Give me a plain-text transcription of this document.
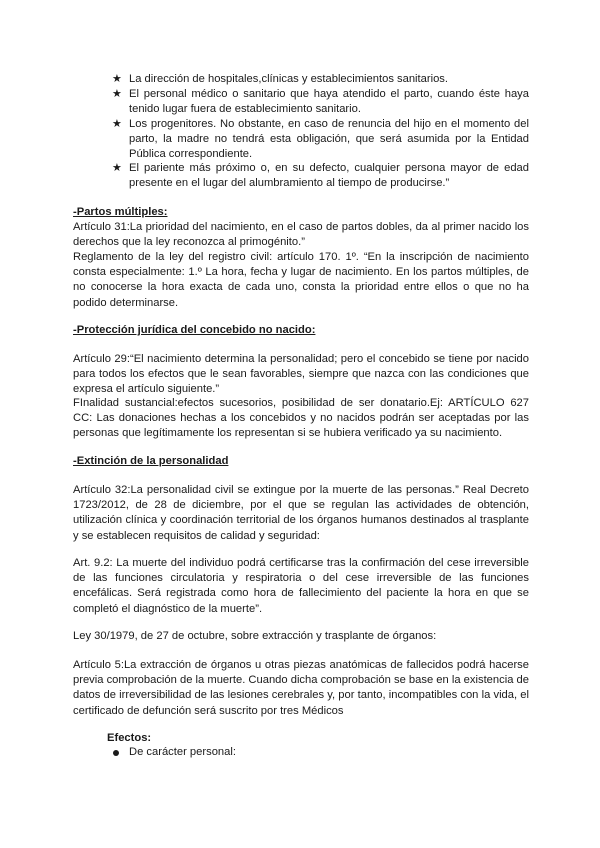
★ La dirección de hospitales,clínicas y establecimientos sanitarios.

★ El personal médico o sanitario que haya atendido el parto, cuando éste haya tenido lugar fuera de establecimiento sanitario.

★ Los progenitores. No obstante, en caso de renuncia del hijo en el momento del parto, la madre no tendrá esta obligación, que será asumida por la Entidad Pública correspondiente.

★ El pariente más próximo o, en su defecto, cualquier persona mayor de edad presente en el lugar del alumbramiento al tiempo de producirse.”

-Partos múltiples:

Artículo 31:La prioridad del nacimiento, en el caso de partos dobles, da al primer nacido los derechos que la ley reconozca al primogénito.”

Reglamento de la ley del registro civil: artículo 170. 1º. “En la inscripción de nacimiento consta especialmente: 1.º La hora, fecha y lugar de nacimiento. En los partos múltiples, de no conocerse la hora exacta de cada uno, consta la prioridad entre ellos o que no ha podido determinarse.

-Protección jurídica del concebido no nacido:

Artículo 29:“El nacimiento determina la personalidad; pero el concebido se tiene por nacido para todos los efectos que le sean favorables, siempre que nazca con las condiciones que expresa el artículo siguiente.”

FInalidad sustancial:efectos sucesorios, posibilidad de ser donatario.Ej: ARTÍCULO 627 CC: Las donaciones hechas a los concebidos y no nacidos podrán ser aceptadas por las personas que legítimamente los representan si se hubiera verificado ya su nacimiento.

-Extinción de la personalidad

Artículo 32:La personalidad civil se extingue por la muerte de las personas.” Real Decreto 1723/2012, de 28 de diciembre, por el que se regulan las actividades de obtención, utilización clínica y coordinación territorial de los órganos humanos destinados al trasplante y se establecen requisitos de calidad y seguridad:

Art. 9.2: La muerte del individuo podrá certificarse tras la confirmación del cese irreversible de las funciones circulatoria y respiratoria o del cese irreversible de las funciones encefálicas. Será registrada como hora de fallecimiento del paciente la hora en que se completó el diagnóstico de la muerte”.

Ley 30/1979, de 27 de octubre, sobre extracción y trasplante de órganos:

Artículo 5:La extracción de órganos u otras piezas anatómicas de fallecidos podrá hacerse previa comprobación de la muerte. Cuando dicha comprobación se base en la existencia de datos de irreversibilidad de las lesiones cerebrales y, por tanto, incompatibles con la vida, el certificado de defunción será suscrito por tres Médicos

Efectos:

De carácter personal:
